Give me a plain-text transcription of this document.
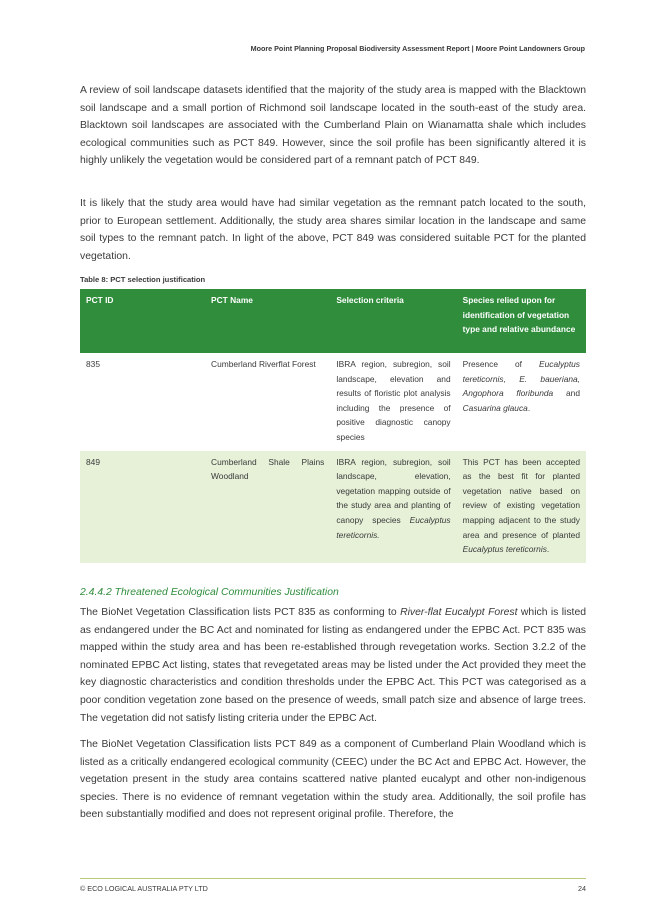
Moore Point Planning Proposal Biodiversity Assessment Report | Moore Point Landowners Group

A review of soil landscape datasets identified that the majority of the study area is mapped with the Blacktown soil landscape and a small portion of Richmond soil landscape located in the south-east of the study area. Blacktown soil landscapes are associated with the Cumberland Plain on Wianamatta shale which includes ecological communities such as PCT 849. However, since the soil profile has been significantly altered it is highly unlikely the vegetation would be considered part of a remnant patch of PCT 849.

It is likely that the study area would have had similar vegetation as the remnant patch located to the south, prior to European settlement. Additionally, the study area shares similar location in the landscape and same soil types to the remnant patch. In light of the above, PCT 849 was considered suitable PCT for the planted vegetation.

Table 8: PCT selection justification
PCT ID	PCT Name	Selection criteria	Species relied upon for identification of vegetation type and relative abundance
835	Cumberland Riverflat Forest	IBRA region, subregion, soil landscape, elevation and results of floristic plot analysis including the presence of positive diagnostic canopy species	Presence of Eucalyptus tereticornis, E. baueriana, Angophora floribunda and Casuarina glauca.
849	Cumberland Shale Plains Woodland	IBRA region, subregion, soil landscape, elevation, vegetation mapping outside of the study area and planting of canopy species Eucalyptus tereticornis.	This PCT has been accepted as the best fit for planted vegetation native based on review of existing vegetation mapping adjacent to the study area and presence of planted Eucalyptus tereticornis.
2.4.4.2 Threatened Ecological Communities Justification

The BioNet Vegetation Classification lists PCT 835 as conforming to River-flat Eucalypt Forest which is listed as endangered under the BC Act and nominated for listing as endangered under the EPBC Act. PCT 835 was mapped within the study area and has been re-established through revegetation works. Section 3.2.2 of the nominated EPBC Act listing, states that revegetated areas may be listed under the Act provided they meet the key diagnostic characteristics and condition thresholds under the EPBC Act. This PCT was categorised as a poor condition vegetation zone based on the presence of weeds, small patch size and absence of large trees. The vegetation did not satisfy listing criteria under the EPBC Act.

The BioNet Vegetation Classification lists PCT 849 as a component of Cumberland Plain Woodland which is listed as a critically endangered ecological community (CEEC) under the BC Act and EPBC Act. However, the vegetation present in the study area contains scattered native planted eucalypt and other non-indigenous species. There is no evidence of remnant vegetation within the study area. Additionally, the soil profile has been substantially modified and does not represent original profile. Therefore, the

© ECO LOGICAL AUSTRALIA PTY LTD	24
